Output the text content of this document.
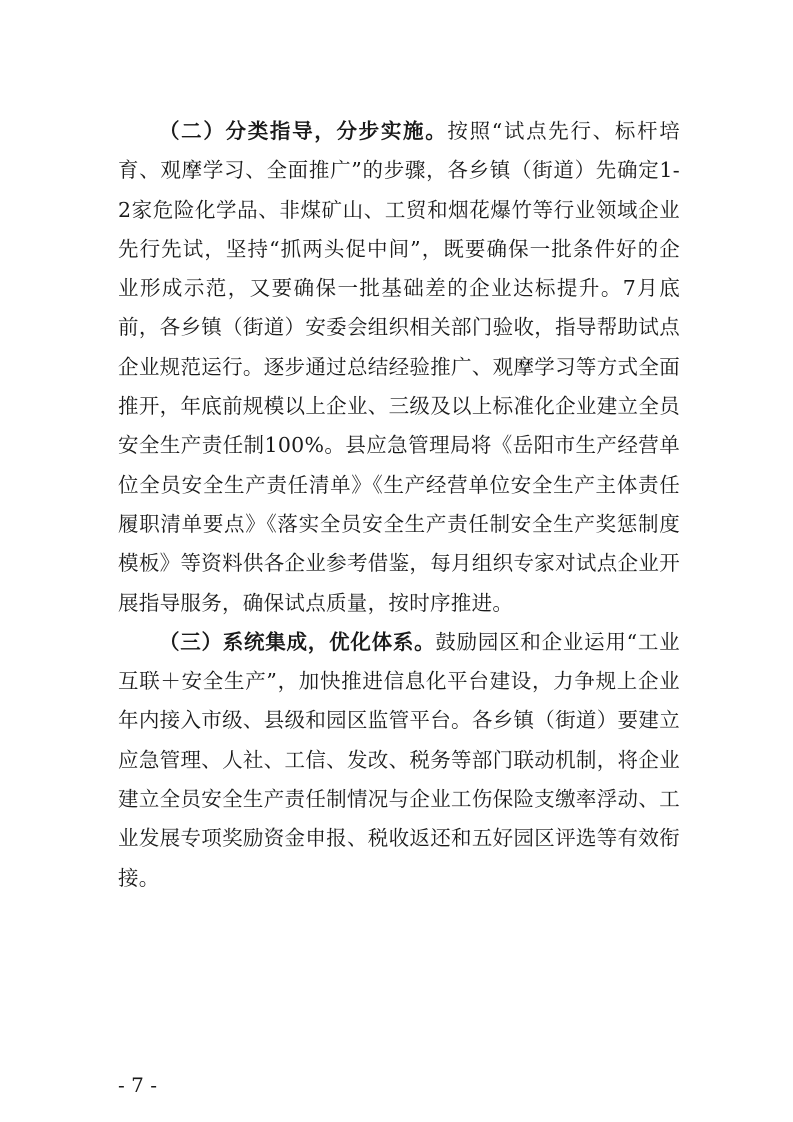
（二）分类指导，分步实施。按照“试点先行、标杆培育、观摩学习、全面推广”的步骤，各乡镇（街道）先确定1-2家危险化学品、非煤矿山、工贸和烟花爆竹等行业领域企业先行先试，坚持“抓两头促中间”，既要确保一批条件好的企业形成示范，又要确保一批基础差的企业达标提升。7月底前，各乡镇（街道）安委会组织相关部门验收，指导帮助试点企业规范运行。逐步通过总结经验推广、观摩学习等方式全面推开，年底前规模以上企业、三级及以上标准化企业建立全员安全生产责任制100%。县应急管理局将《岳阳市生产经营单位全员安全生产责任清单》《生产经营单位安全生产主体责任履职清单要点》《落实全员安全生产责任制安全生产奖惩制度模板》等资料供各企业参考借鉴，每月组织专家对试点企业开展指导服务，确保试点质量，按时序推进。

（三）系统集成，优化体系。鼓励园区和企业运用“工业互联＋安全生产”，加快推进信息化平台建设，力争规上企业年内接入市级、县级和园区监管平台。各乡镇（街道）要建立应急管理、人社、工信、发改、税务等部门联动机制，将企业建立全员安全生产责任制情况与企业工伤保险支缴率浮动、工业发展专项奖励资金申报、税收返还和五好园区评选等有效衔接。

- 7 -
